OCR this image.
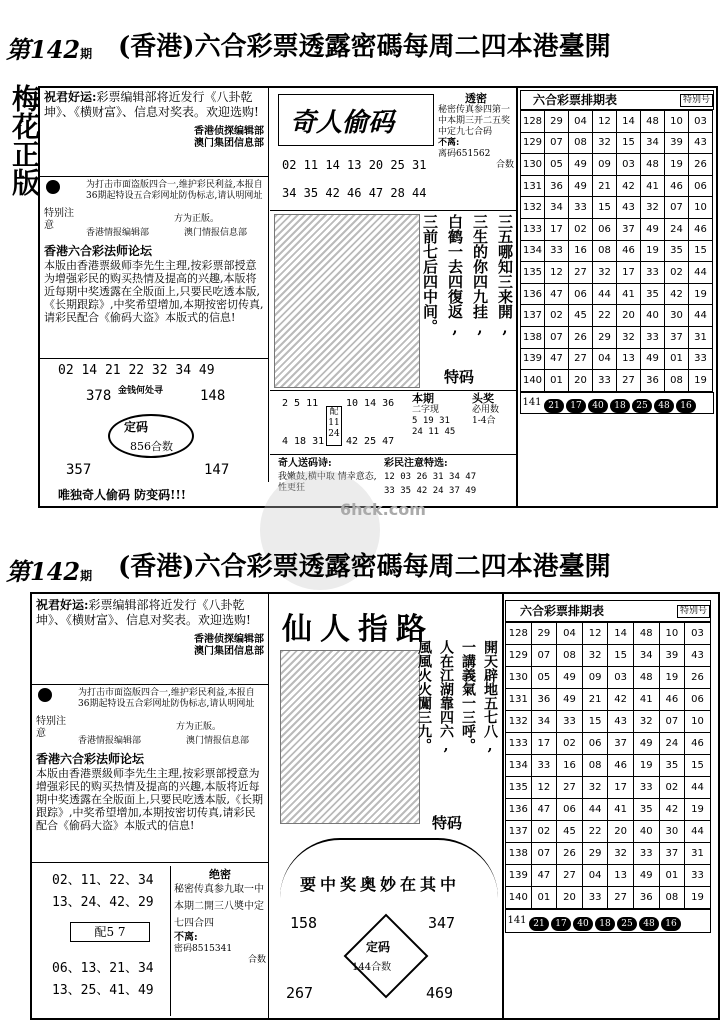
第142期 (香港)六合彩票透露密碼每周二四本港臺開
梅花正版 祝君好运:彩票编辑部将近发行《八卦乾坤》、《横财富》、信息对奖表。欢迎选购!
香港侦探编辑部
澳门集团信息部
特别注意
为打击市面盗版四合一,维护彩民利益,本报自36期起特设五合彩网址防伪标志,请认明网址
方为正版。
香港情报编辑部	澳门情报信息部
香港六合彩法师论坛
本版由香港票級师李先生主理,按彩票部授意为增强彩民的购买热情及提高的兴趣,本版将近每期中奖透露在全版面上,只要民吃透本版,《长期跟踪》,中奖希望增加,本期按密切传真,请彩民配合《偷码大盗》本版式的信息!
02 14 21 22 32 34 49
378	148
金钱何处寻
定码
856合数
357	147
唯独奇人偷码 防变码!!!
奇人偷码
透密
秘密传真参四第一中本期三开二五奖中定九七合码
不离:
离码651562
合数
02 11 14 13 20 25 31
34 35 42 46 47 28 44
三五哪知三来開,
三生的你四九挂,
白鹤一去四復返,
三前七后四中间。
特码
2 5 11
4 18 31
配11 24
10 14 36
42 25 47
本期
二字现
5 19 31
24 11 45
头奖
必用数
1-4合
奇人送码诗:
我嫩鼓,横中取 情幸意态,性更狂
彩民注意特选:
12 03 26 31 34 47
33 35 42 24 37 49
六合彩票排期表	特别号
128	29	04	12	14	48	10	03
129	07	08	32	15	34	39	43
130	05	49	09	03	48	19	26
131	36	49	21	42	41	46	06
132	34	33	15	43	32	07	10
133	17	02	06	37	49	24	46
134	33	16	08	46	19	35	15
135	12	27	32	17	33	02	44
136	47	06	44	41	35	42	19
137	02	45	22	20	40	30	44
138	07	26	29	32	33	37	31
139	47	27	04	13	49	01	33
140	01	20	33	27	36	08	19
141 21 17 40 18 25 48 16
6hck.com
第142期 (香港)六合彩票透露密碼每周二四本港臺開
祝君好运:彩票编辑部将近发行《八卦乾坤》、《横财富》、信息对奖表。欢迎选购!
香港侦探编辑部
澳门集团信息部
特别注意
为打击市面盗版四合一,维护彩民利益,本报自36期起特设五合彩网址防伪标志,请认明网址
方为正版。
香港情报编辑部	澳门情报信息部
香港六合彩法师论坛
本版由香港票級师李先生主理,按彩票部授意为增强彩民的购买热情及提高的兴趣,本版将近每期中奖透露在全版面上,只要民吃透本版,《长期跟踪》,中奖希望增加,本期按密切传真,请彩民配合《偷码大盗》本版式的信息!
02、11、22、34
13、24、42、29
配5 7
06、13、21、34
13、25、41、49
绝密
秘密传真参九取一中本期二開三八奬中定七四合四
不离:
密码8515341
合数
仙人指路
開天辟地五七八,
一講義氣一三呼。
人在江湖靠四六,
風風火火闖三九。
特码
要中奖奥妙在其中
158	347
定码
144合数
267	469
六合彩票排期表	特别号
128	29	04	12	14	48	10	03
129	07	08	32	15	34	39	43
130	05	49	09	03	48	19	26
131	36	49	21	42	41	46	06
132	34	33	15	43	32	07	10
133	17	02	06	37	49	24	46
134	33	16	08	46	19	35	15
135	12	27	32	17	33	02	44
136	47	06	44	41	35	42	19
137	02	45	22	20	40	30	44
138	07	26	29	32	33	37	31
139	47	27	04	13	49	01	33
140	01	20	33	27	36	08	19
141 21 17 40 18 25 48 16
